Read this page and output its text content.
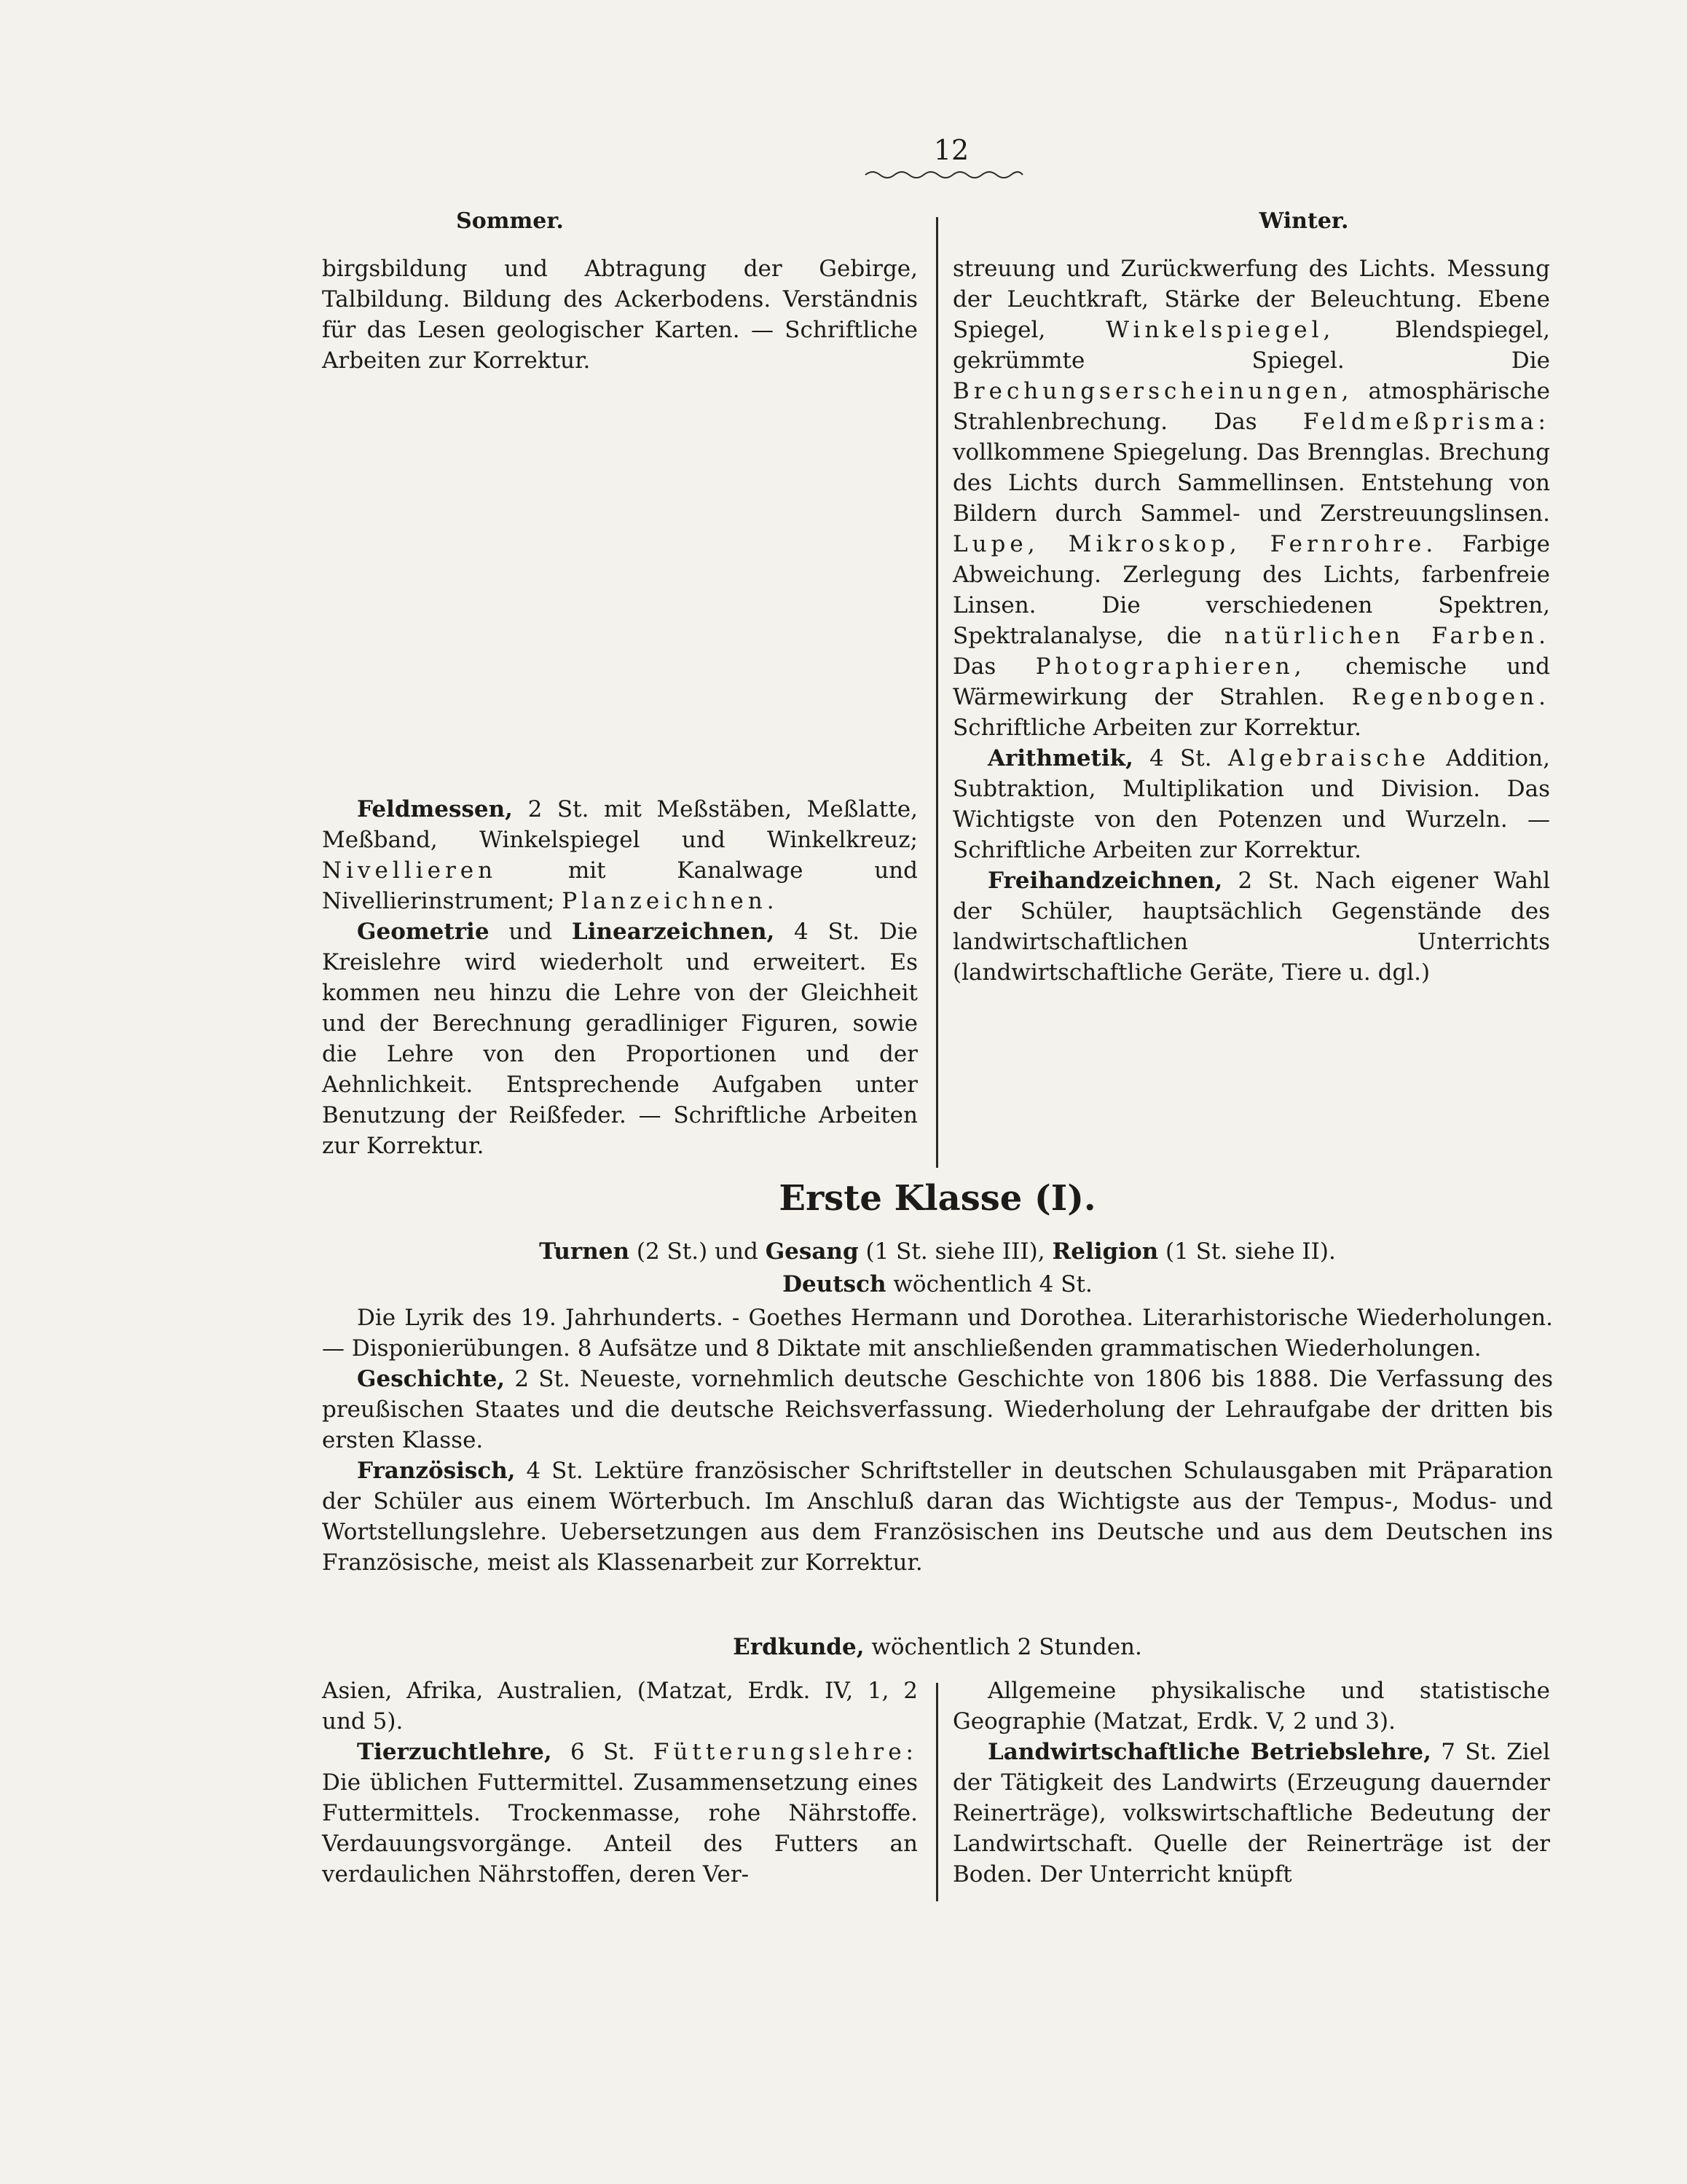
12
Sommer.	Winter.

birgsbildung und Abtragung der Gebirge, Talbildung. Bildung des Ackerbodens. Verständnis für das Lesen geologischer Karten. — Schriftliche Arbeiten zur Korrektur.

Feldmessen, 2 St. mit Meßstäben, Meßlatte, Meßband, Winkelspiegel und Winkelkreuz; Nivellieren mit Kanalwage und Nivellierinstrument; Planzeichnen.

Geometrie und Linearzeichnen, 4 St. Die Kreislehre wird wiederholt und erweitert. Es kommen neu hinzu die Lehre von der Gleichheit und der Berechnung geradliniger Figuren, sowie die Lehre von den Proportionen und der Aehnlichkeit. Entsprechende Aufgaben unter Benutzung der Reißfeder. — Schriftliche Arbeiten zur Korrektur.

streuung und Zurückwerfung des Lichts. Messung der Leuchtkraft, Stärke der Beleuchtung. Ebene Spiegel, Winkelspiegel, Blendspiegel, gekrümmte Spiegel. Die Brechungserscheinungen, atmosphärische Strahlenbrechung. Das Feldmeßprisma: vollkommene Spiegelung. Das Brennglas. Brechung des Lichts durch Sammellinsen. Entstehung von Bildern durch Sammel- und Zerstreuungslinsen. Lupe, Mikroskop, Fernrohre. Farbige Abweichung. Zerlegung des Lichts, farbenfreie Linsen. Die verschiedenen Spektren, Spektralanalyse, die natürlichen Farben. Das Photographieren, chemische und Wärmewirkung der Strahlen. Regenbogen. Schriftliche Arbeiten zur Korrektur.

Arithmetik, 4 St. Algebraische Addition, Subtraktion, Multiplikation und Division. Das Wichtigste von den Potenzen und Wurzeln. — Schriftliche Arbeiten zur Korrektur.

Freihandzeichnen, 2 St. Nach eigener Wahl der Schüler, hauptsächlich Gegenstände des landwirtschaftlichen Unterrichts (landwirtschaftliche Geräte, Tiere u. dgl.)

Erste Klasse (I).
Turnen (2 St.) und Gesang (1 St. siehe III), Religion (1 St. siehe II).
Deutsch wöchentlich 4 St.

Die Lyrik des 19. Jahrhunderts. - Goethes Hermann und Dorothea. Literarhistorische Wiederholungen. — Disponierübungen. 8 Aufsätze und 8 Diktate mit anschließenden grammatischen Wiederholungen.

Geschichte, 2 St. Neueste, vornehmlich deutsche Geschichte von 1806 bis 1888. Die Verfassung des preußischen Staates und die deutsche Reichsverfassung. Wiederholung der Lehraufgabe der dritten bis ersten Klasse.

Französisch, 4 St. Lektüre französischer Schriftsteller in deutschen Schulausgaben mit Präparation der Schüler aus einem Wörterbuch. Im Anschluß daran das Wichtigste aus der Tempus-, Modus- und Wortstellungslehre. Uebersetzungen aus dem Französischen ins Deutsche und aus dem Deutschen ins Französische, meist als Klassenarbeit zur Korrektur.

Erdkunde, wöchentlich 2 Stunden.

Asien, Afrika, Australien, (Matzat, Erdk. IV, 1, 2 und 5).

Tierzuchtlehre, 6 St. Fütterungslehre: Die üblichen Futtermittel. Zusammensetzung eines Futtermittels. Trockenmasse, rohe Nährstoffe. Verdauungsvorgänge. Anteil des Futters an verdaulichen Nährstoffen, deren Ver-

Allgemeine physikalische und statistische Geographie (Matzat, Erdk. V, 2 und 3).

Landwirtschaftliche Betriebslehre, 7 St. Ziel der Tätigkeit des Landwirts (Erzeugung dauernder Reinerträge), volkswirtschaftliche Bedeutung der Landwirtschaft. Quelle der Reinerträge ist der Boden. Der Unterricht knüpft
